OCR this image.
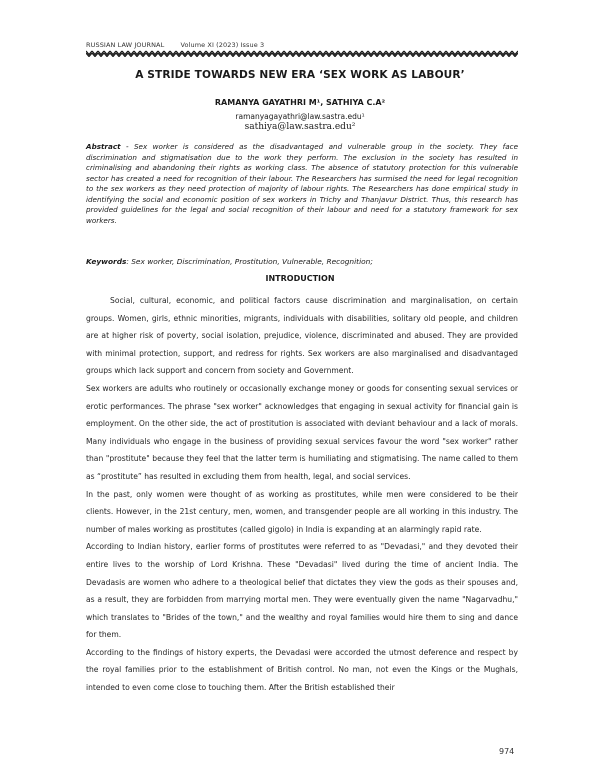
RUSSIAN LAW JOURNAL Volume XI (2023) Issue 3
A STRIDE TOWARDS NEW ERA ‘SEX WORK AS LABOUR’
RAMANYA GAYATHRI M¹, SATHIYA C.A²
ramanyagayathri@law.sastra.edu¹
sathiya@law.sastra.edu²
Abstract - Sex worker is considered as the disadvantaged and vulnerable group in the society. They face discrimination and stigmatisation due to the work they perform. The exclusion in the society has resulted in criminalising and abandoning their rights as working class. The absence of statutory protection for this vulnerable sector has created a need for recognition of their labour. The Researchers has surmised the need for legal recognition to the sex workers as they need protection of majority of labour rights. The Researchers has done empirical study in identifying the social and economic position of sex workers in Trichy and Thanjavur District. Thus, this research has provided guidelines for the legal and social recognition of their labour and need for a statutory framework for sex workers.
Keywords: Sex worker, Discrimination, Prostitution, Vulnerable, Recognition;
INTRODUCTION

Social, cultural, economic, and political factors cause discrimination and marginalisation, on certain groups. Women, girls, ethnic minorities, migrants, individuals with disabilities, solitary old people, and children are at higher risk of poverty, social isolation, prejudice, violence, discriminated and abused. They are provided with minimal protection, support, and redress for rights. Sex workers are also marginalised and disadvantaged groups which lack support and concern from society and Government.

Sex workers are adults who routinely or occasionally exchange money or goods for consenting sexual services or erotic performances. The phrase "sex worker" acknowledges that engaging in sexual activity for financial gain is employment. On the other side, the act of prostitution is associated with deviant behaviour and a lack of morals. Many individuals who engage in the business of providing sexual services favour the word "sex worker" rather than "prostitute" because they feel that the latter term is humiliating and stigmatising. The name called to them as “prostitute” has resulted in excluding them from health, legal, and social services.

In the past, only women were thought of as working as prostitutes, while men were considered to be their clients. However, in the 21st century, men, women, and transgender people are all working in this industry. The number of males working as prostitutes (called gigolo) in India is expanding at an alarmingly rapid rate.

According to Indian history, earlier forms of prostitutes were referred to as "Devadasi," and they devoted their entire lives to the worship of Lord Krishna. These "Devadasi" lived during the time of ancient India. The Devadasis are women who adhere to a theological belief that dictates they view the gods as their spouses and, as a result, they are forbidden from marrying mortal men. They were eventually given the name "Nagarvadhu," which translates to "Brides of the town," and the wealthy and royal families would hire them to sing and dance for them.

According to the findings of history experts, the Devadasi were accorded the utmost deference and respect by the royal families prior to the establishment of British control. No man, not even the Kings or the Mughals, intended to even come close to touching them. After the British established their

974
